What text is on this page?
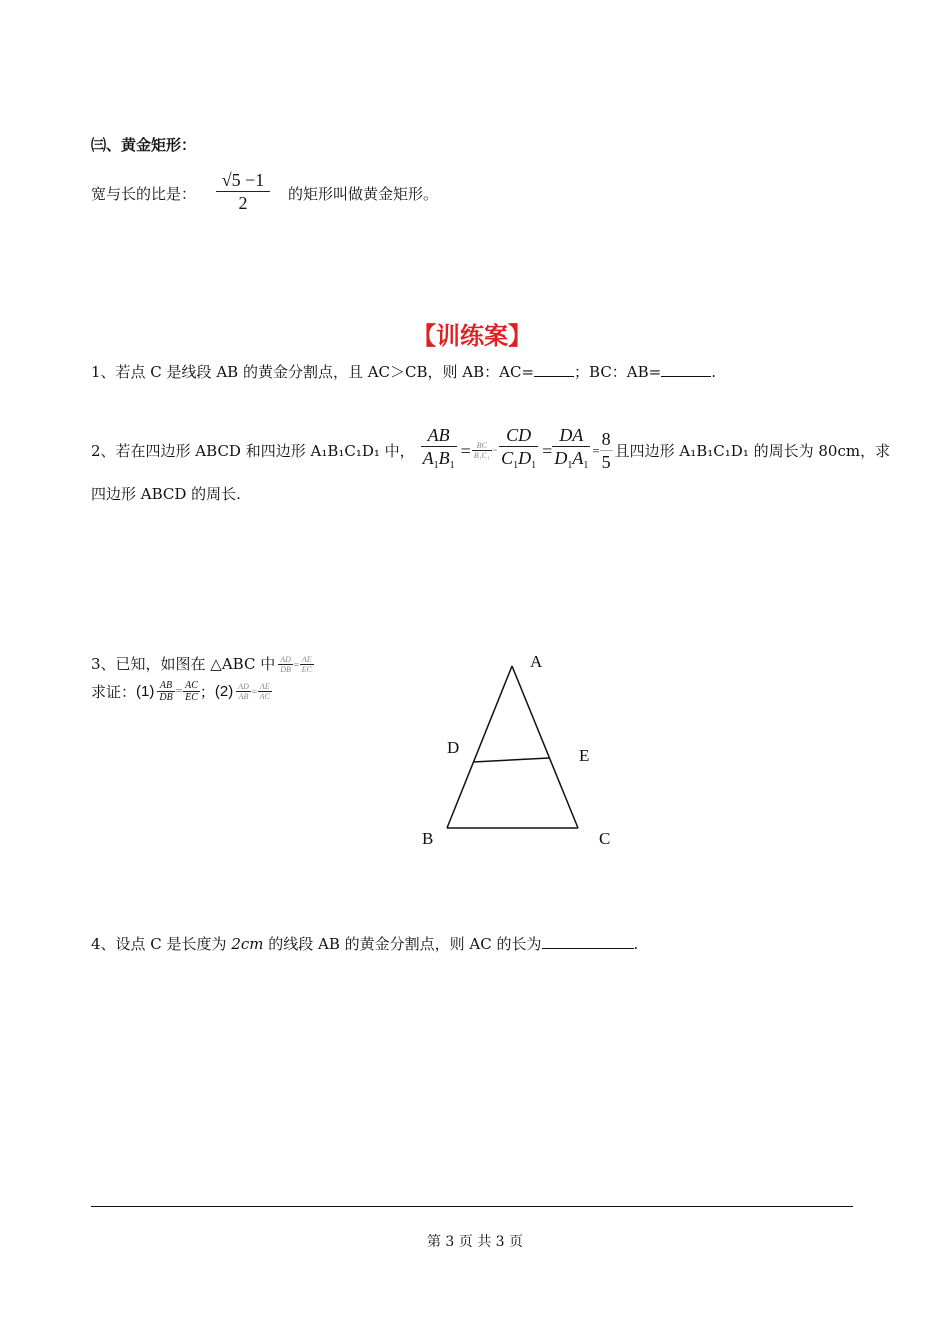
㈢、黄金矩形：
宽与长的比是： $\frac{√5 -1}{2}$ 的矩形叫做黄金矩形。
【训练案】
1、若点 C 是线段 AB 的黄金分割点，且 AC＞CB，则 AB：AC=	；BC：AB=	.
2、若在四边形 ABCD 和四边形 A₁B₁C₁D₁ 中， $\frac{AB}{A_1B_1} = \frac{BC}{\text{B₁C₁}} = \frac{CD}{C_1D_1} = \frac{DA}{D_1A_1} = \frac{8}{5}$ 且四边形 A₁B₁C₁D₁ 的周长为 80cm，求
四边形 ABCD 的周长.
3、已知，如图在 △ABC 中 $\frac{AD}{DB} = \frac{AE}{EC}$
求证： $(1) \frac{AB}{DB} = \frac{AC}{EC}$ ； $(2) \frac{AD}{AB} = \frac{AE}{AC}$
A
D	E
B	C
4、设点 C 是长度为 2cm 的线段 AB 的黄金分割点，则 AC 的长为	.
第 3 页 共 3 页
